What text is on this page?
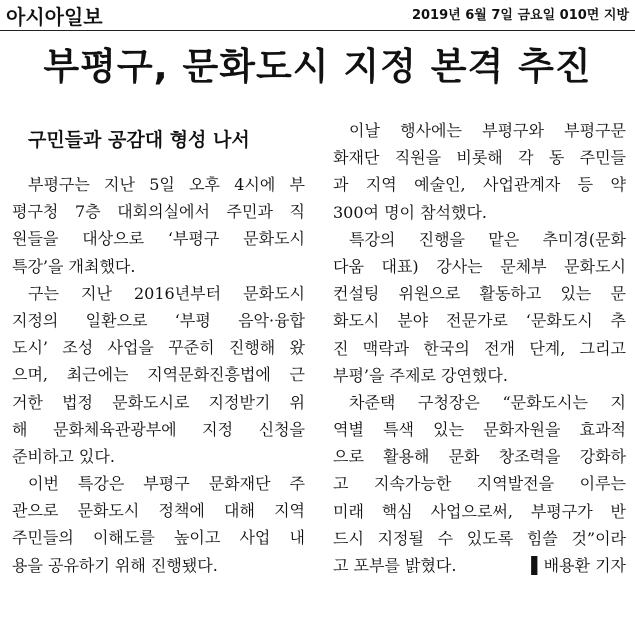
아시아일보	2019년 6월 7일 금요일 010면 지방
부평구, 문화도시 지정 본격 추진
구민들과 공감대 형성 나서
부평구는 지난 5일 오후 4시에 부
평구청 7층 대회의실에서 주민과 직
원들을 대상으로 ‘부평구 문화도시
특강’을 개최했다.
구는 지난 2016년부터 문화도시
지정의 일환으로 ‘부평 음악·융합
도시’ 조성 사업을 꾸준히 진행해 왔
으며, 최근에는 지역문화진흥법에 근
거한 법정 문화도시로 지정받기 위
해 문화체육관광부에 지정 신청을
준비하고 있다.
이번 특강은 부평구 문화재단 주
관으로 문화도시 정책에 대해 지역
주민들의 이해도를 높이고 사업 내
용을 공유하기 위해 진행됐다.
이날 행사에는 부평구와 부평구문
화재단 직원을 비롯해 각 동 주민들
과 지역 예술인, 사업관계자 등 약
300여 명이 참석했다.
특강의 진행을 맡은 추미경(문화
다움 대표) 강사는 문체부 문화도시
컨설팅 위원으로 활동하고 있는 문
화도시 분야 전문가로 ‘문화도시 추
진 맥락과 한국의 전개 단계, 그리고
부평’을 주제로 강연했다.
차준택 구청장은 “문화도시는 지
역별 특색 있는 문화자원을 효과적
으로 활용해 문화 창조력을 강화하
고 지속가능한 지역발전을 이루는
미래 핵심 사업으로써, 부평구가 반
드시 지정될 수 있도록 힘쓸 것”이라
고 포부를 밝혔다.	▌배용환 기자
